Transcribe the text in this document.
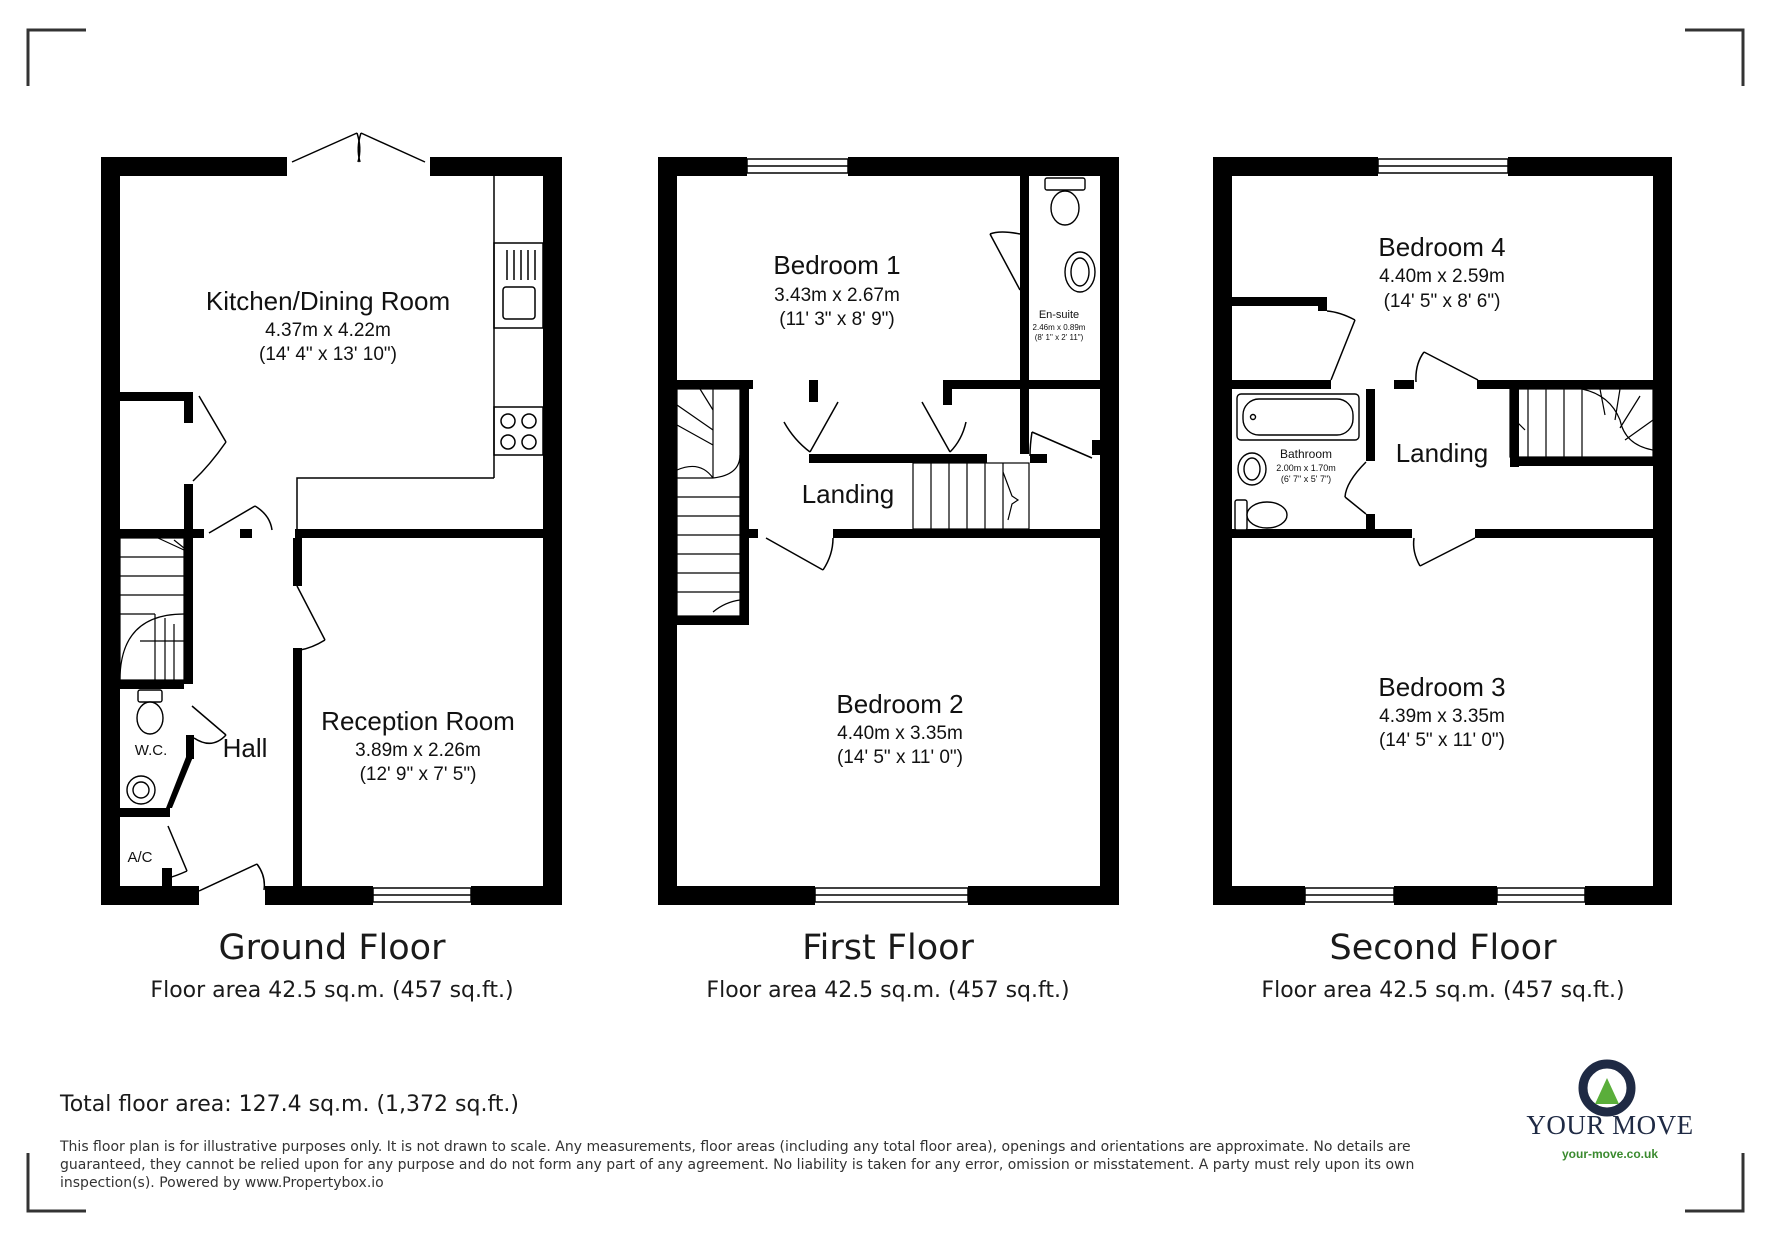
Kitchen/Dining Room
4.37m x 4.22m
(14' 4" x 13' 10")
Reception Room
3.89m x 2.26m
(12' 9" x 7' 5")
Hall
W.C.
A/C
Bedroom 1
3.43m x 2.67m
(11' 3" x 8' 9")	En-suite
2.46m x 0.89m
(8' 1" x 2' 11")
Landing
Bedroom 2
4.40m x 3.35m
(14' 5" x 11' 0")
Bedroom 4
4.40m x 2.59m
(14' 5" x 8' 6")
Bathroom
2.00m x 1.70m
(6' 7" x 5' 7")
Landing
Bedroom 3
4.39m x 3.35m
(14' 5" x 11' 0")
Ground Floor
Floor area 42.5 sq.m. (457 sq.ft.)
First Floor
Floor area 42.5 sq.m. (457 sq.ft.)
Second Floor
Floor area 42.5 sq.m. (457 sq.ft.)
Total floor area: 127.4 sq.m. (1,372 sq.ft.)
This floor plan is for illustrative purposes only. It is not drawn to scale. Any measurements, floor areas (including any total floor area), openings and orientations are approximate. No details are guaranteed, they cannot be relied upon for any purpose and do not form any part of any agreement. No liability is taken for any error, omission or misstatement. A party must rely upon its own inspection(s). Powered by www.Propertybox.io
YOUR MOVE
your-move.co.uk
